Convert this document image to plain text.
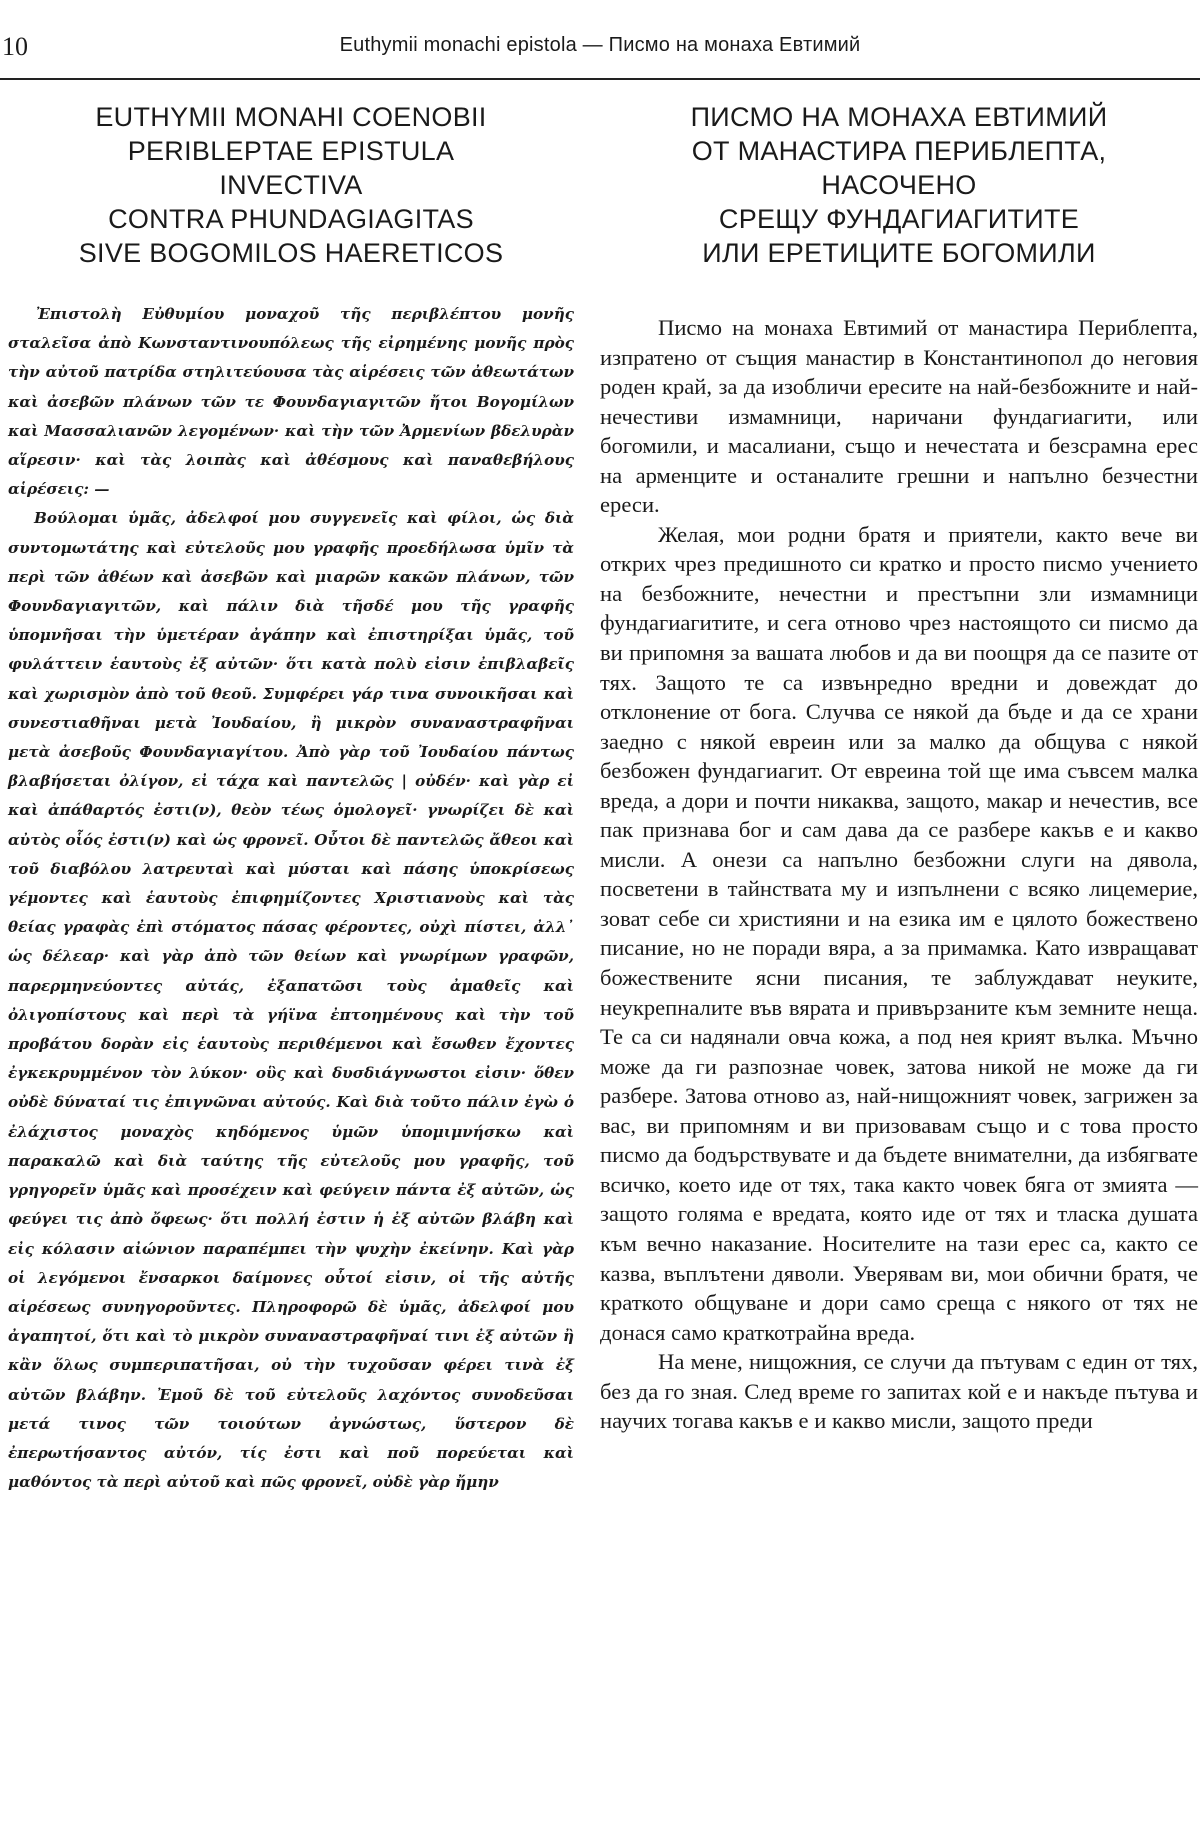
10	Euthymii monachi epistola — Писмо на монаха Евтимий
EUTHYMII MONAHI COENOBII
PERIBLEPTAE EPISTULA
INVECTIVA
CONTRA PHUNDAGIAGITAS
SIVE BOGOMILOS HAERETICOS

Ἐπιστολὴ Εὐθυμίου μοναχοῦ τῆς περιβλέπτου μονῆς σταλεῖσα ἀπὸ Κωνσταντινουπόλεως τῆς εἰρημένης μονῆς πρὸς τὴν αὐτοῦ πατρίδα στηλιτεύουσα τὰς αἱρέσεις τῶν ἀθεωτάτων καὶ ἀσεβῶν πλάνων τῶν τε Φουνδαγιαγιτῶν ἤτοι Βογομίλων καὶ Μασσαλιανῶν λεγομένων· καὶ τὴν τῶν Ἀρμενίων βδελυρὰν αἵρεσιν· καὶ τὰς λοιπὰς καὶ ἀθέσμους καὶ παναθεβήλους αἱρέσεις: —

Βούλομαι ὑμᾶς, ἀδελφοί μου συγγενεῖς καὶ φίλοι, ὡς διὰ συντομωτάτης καὶ εὐτελοῦς μου γραφῆς προεδήλωσα ὑμῖν τὰ περὶ τῶν ἀθέων καὶ ἀσεβῶν καὶ μιαρῶν κακῶν πλάνων, τῶν Φουνδαγιαγιτῶν, καὶ πάλιν διὰ τῆσδέ μου τῆς γραφῆς ὑπομνῆσαι τὴν ὑμετέραν ἀγάπην καὶ ἐπιστηρίξαι ὑμᾶς, τοῦ φυλάττειν ἑαυτοὺς ἐξ αὐτῶν· ὅτι κατὰ πολὺ εἰσιν ἐπιβλαβεῖς καὶ χωρισμὸν ἀπὸ τοῦ θεοῦ. Συμφέρει γάρ τινα συνοικῆσαι καὶ συνεστιαθῆναι μετὰ Ἰουδαίου, ἢ μικρὸν συναναστραφῆναι μετὰ ἀσεβοῦς Φουνδαγιαγίτου. Ἀπὸ γὰρ τοῦ Ἰουδαίου πάντως βλαβήσεται ὀλίγον, εἰ τάχα καὶ παντελῶς | οὐδέν· καὶ γὰρ εἰ καὶ ἀπάθαρτός ἐστι(ν), θεὸν τέως ὁμολογεῖ· γνωρίζει δὲ καὶ αὐτὸς οἷός ἐστι(ν) καὶ ὡς φρονεῖ. Οὗτοι δὲ παντελῶς ἄθεοι καὶ τοῦ διαβόλου λατρευταὶ καὶ μύσται καὶ πάσης ὑποκρίσεως γέμοντες καὶ ἑαυτοὺς ἐπιφημίζοντες Χριστιανοὺς καὶ τὰς θείας γραφὰς ἐπὶ στόματος πάσας φέροντες, οὐχὶ πίστει, ἀλλ᾽ ὡς δέλεαρ· καὶ γὰρ ἀπὸ τῶν θείων καὶ γνωρίμων γραφῶν, παρερμηνεύοντες αὐτάς, ἐξαπατῶσι τοὺς ἀμαθεῖς καὶ ὀλιγοπίστους καὶ περὶ τὰ γήϊνα ἐπτοημένους καὶ τὴν τοῦ προβάτου δορὰν εἰς ἑαυτοὺς περιθέμενοι καὶ ἔσωθεν ἔχοντες ἐγκεκρυμμένον τὸν λύκον· οὓς καὶ δυσδιάγνωστοι εἰσιν· ὅθεν οὐδὲ δύναταί τις ἐπιγνῶναι αὐτούς. Καὶ διὰ τοῦτο πάλιν ἐγὼ ὁ ἐλάχιστος μοναχὸς κηδόμενος ὑμῶν ὑπομιμνήσκω καὶ παρακαλῶ καὶ διὰ ταύτης τῆς εὐτελοῦς μου γραφῆς, τοῦ γρηγορεῖν ὑμᾶς καὶ προσέχειν καὶ φεύγειν πάντα ἐξ αὐτῶν, ὡς φεύγει τις ἀπὸ ὄφεως· ὅτι πολλή ἐστιν ἡ ἐξ αὐτῶν βλάβη καὶ εἰς κόλασιν αἰώνιον παραπέμπει τὴν ψυχὴν ἐκείνην. Καὶ γὰρ οἱ λεγόμενοι ἔνσαρκοι δαίμονες οὗτοί εἰσιν, οἱ τῆς αὐτῆς αἱρέσεως συνηγοροῦντες. Πληροφορῶ δὲ ὑμᾶς, ἀδελφοί μου ἀγαπητοί, ὅτι καὶ τὸ μικρὸν συναναστραφῆναί τινι ἐξ αὐτῶν ἢ κἂν ὅλως συμπεριπατῆσαι, οὐ τὴν τυχοῦσαν φέρει τινὰ ἐξ αὐτῶν βλάβην. Ἐμοῦ δὲ τοῦ εὐτελοῦς λαχόντος συνοδεῦσαι μετά τινος τῶν τοιούτων ἀγνώστως, ὕστερον δὲ ἐπερωτήσαντος αὐτόν, τίς ἐστι καὶ ποῦ πορεύεται καὶ μαθόντος τὰ περὶ αὐτοῦ καὶ πῶς φρονεῖ, οὐδὲ γὰρ ἤμην

ПИСМО НА МОНАХА ЕВТИМИЙ
ОТ МАНАСТИРА ПЕРИБЛЕПТА,
НАСОЧЕНО
СРЕЩУ ФУНДАГИАГИТИТЕ
ИЛИ ЕРЕТИЦИТЕ БОГОМИЛИ

Писмо на монаха Евтимий от манастира Периблепта, изпратено от същия манастир в Константинопол до неговия роден край, за да изобличи ересите на най-безбожните и най-нечестиви измамници, наричани фундагиагити, или богомили, и масалиани, също и нечестата и безсрамна ерес на арменците и останалите грешни и напълно безчестни ереси.

Желая, мои родни братя и приятели, както вече ви открих чрез предишното си кратко и просто писмо учението на безбожните, нечестни и престъпни зли измамници фундагиагитите, и сега отново чрез настоящото си писмо да ви припомня за вашата любов и да ви поощря да се пазите от тях. Защото те са извънредно вредни и довеждат до отклонение от бога. Случва се някой да бъде и да се храни заедно с някой евреин или за малко да общува с някой безбожен фундагиагит. От евреина той ще има съвсем малка вреда, а дори и почти никаква, защото, макар и нечестив, все пак признава бог и сам дава да се разбере какъв е и какво мисли. А онези са напълно безбожни слуги на дявола, посветени в тайнствата му и изпълнени с всяко лицемерие, зоват себе си християни и на езика им е цялото божествено писание, но не поради вяра, а за примамка. Като извращават божествените ясни писания, те заблуждават неуките, неукрепналите във вярата и привързаните към земните неща. Те са си надянали овча кожа, а под нея крият вълка. Мъчно може да ги разпознае човек, затова никой не може да ги разбере. Затова отново аз, най-нищожният човек, загрижен за вас, ви припомням и ви призовавам също и с това просто писмо да бодърствувате и да бъдете внимателни, да избягвате всичко, което иде от тях, така както човек бяга от змията — защото голяма е вредата, която иде от тях и тласка душата към вечно наказание. Носителите на тази ерес са, както се казва, въплътени дяволи. Уверявам ви, мои обични братя, че краткото общуване и дори само среща с някого от тях не донася само краткотрайна вреда.

На мене, нищожния, се случи да пътувам с един от тях, без да го зная. След време го запитах кой е и накъде пътува и научих тогава какъв е и какво мисли, защото преди
